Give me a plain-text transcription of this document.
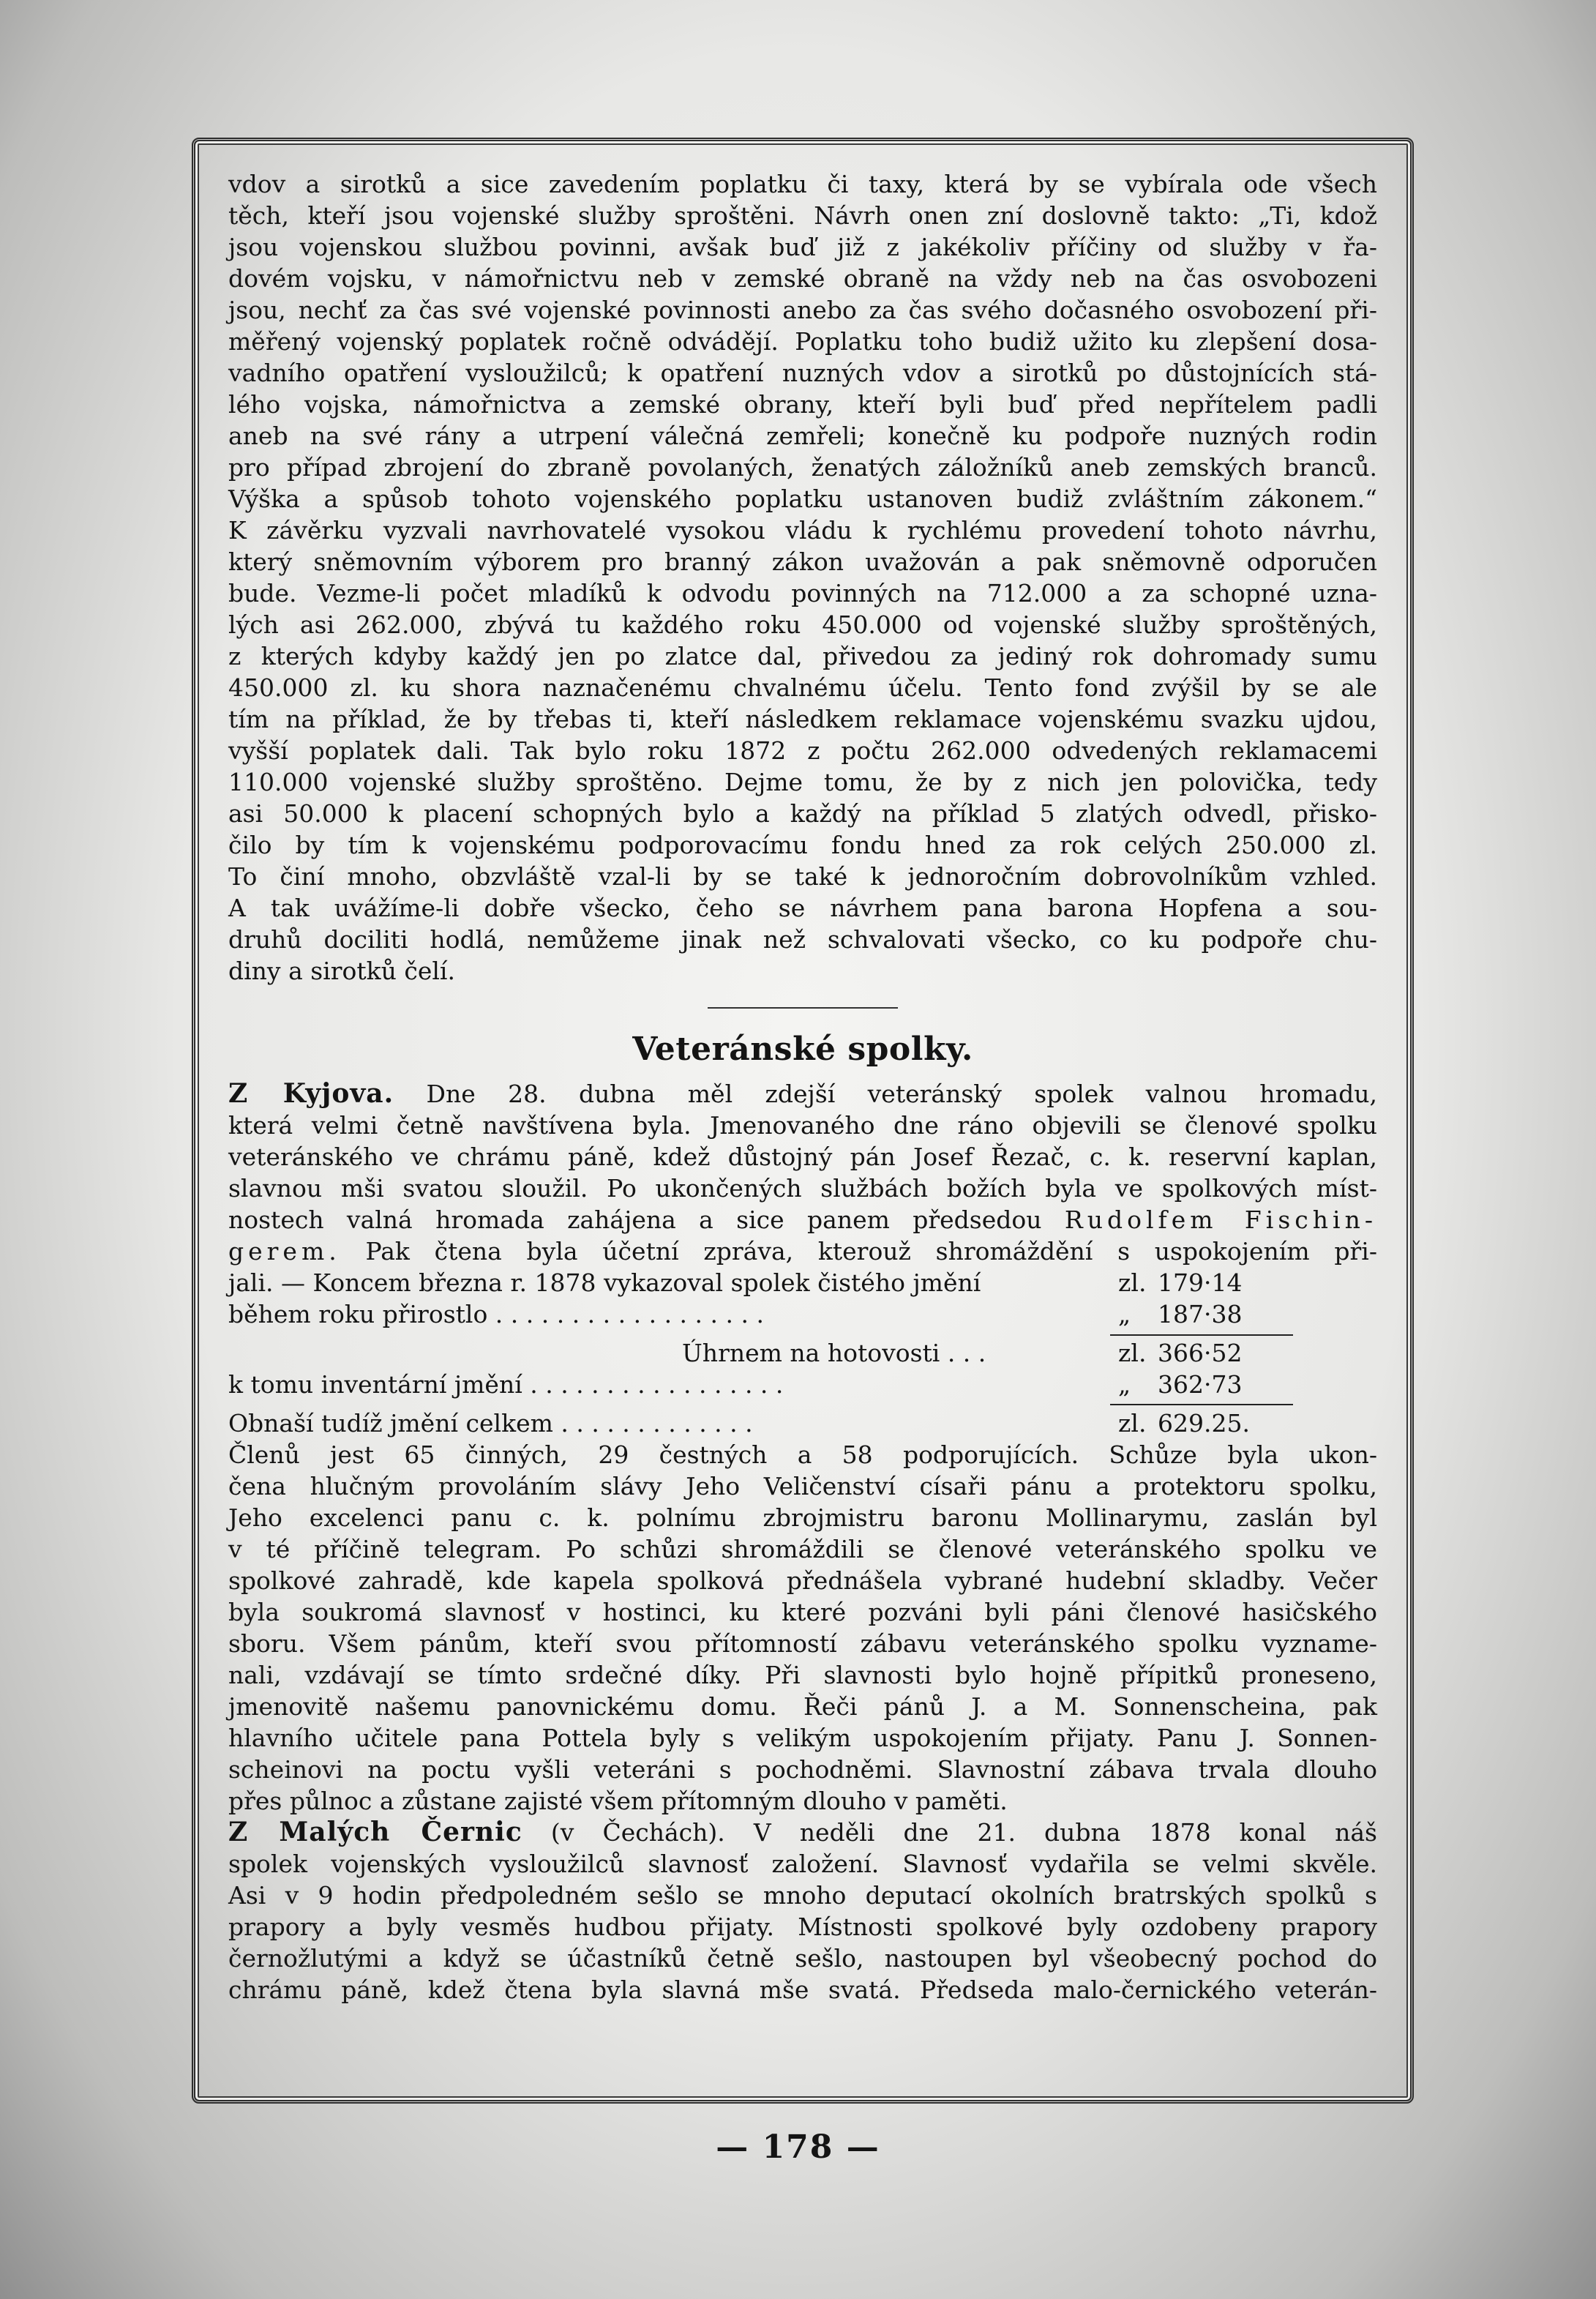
vdov a sirotků a sice zavedením poplatku či taxy, která by se vybírala ode všech
těch, kteří jsou vojenské služby sproštěni. Návrh onen zní doslovně takto: „Ti, kdož
jsou vojenskou službou povinni, avšak buď již z jakékoliv příčiny od služby v řa-
dovém vojsku, v námořnictvu neb v zemské obraně na vždy neb na čas osvobozeni
jsou, nechť za čas své vojenské povinnosti anebo za čas svého dočasného osvobození při-
měřený vojenský poplatek ročně odvádějí. Poplatku toho budiž užito ku zlepšení dosa-
vadního opatření vysloužilců; k opatření nuzných vdov a sirotků po důstojnících stá-
lého vojska, námořnictva a zemské obrany, kteří byli buď před nepřítelem padli
aneb na své rány a utrpení válečná zemřeli; konečně ku podpoře nuzných rodin
pro případ zbrojení do zbraně povolaných, ženatých záložníků aneb zemských branců.
Výška a spůsob tohoto vojenského poplatku ustanoven budiž zvláštním zákonem.“
K závěrku vyzvali navrhovatelé vysokou vládu k rychlému provedení tohoto návrhu,
který sněmovním výborem pro branný zákon uvažován a pak sněmovně odporučen
bude. Vezme-li počet mladíků k odvodu povinných na 712.000 a za schopné uzna-
lých asi 262.000, zbývá tu každého roku 450.000 od vojenské služby sproštěných,
z kterých kdyby každý jen po zlatce dal, přivedou za jediný rok dohromady sumu
450.000 zl. ku shora naznačenému chvalnému účelu. Tento fond zvýšil by se ale
tím na příklad, že by třebas ti, kteří následkem reklamace vojenskému svazku ujdou,
vyšší poplatek dali. Tak bylo roku 1872 z počtu 262.000 odvedených reklamacemi
110.000 vojenské služby sproštěno. Dejme tomu, že by z nich jen polovička, tedy
asi 50.000 k placení schopných bylo a každý na příklad 5 zlatých odvedl, přisko-
čilo by tím k vojenskému podporovacímu fondu hned za rok celých 250.000 zl.
To činí mnoho, obzvláště vzal-li by se také k jednoročním dobrovolníkům vzhled.
A tak uvážíme-li dobře všecko, čeho se návrhem pana barona Hopfena a sou-
druhů dociliti hodlá, nemůžeme jinak než schvalovati všecko, co ku podpoře chu-
diny a sirotků čelí.
Veteránské spolky.
Z Kyjova. Dne 28. dubna měl zdejší veteránský spolek valnou hromadu,
která velmi četně navštívena byla. Jmenovaného dne ráno objevili se členové spolku
veteránského ve chrámu páně, kdež důstojný pán Josef Řezač, c. k. reservní kaplan,
slavnou mši svatou sloužil. Po ukončených službách božích byla ve spolkových míst-
nostech valná hromada zahájena a sice panem předsedou Rudolfem Fischin-
gerem. Pak čtena byla účetní zpráva, kterouž shromáždění s uspokojením při-
jali. — Koncem března r. 1878 vykazoval spolek čistého jmění	zl. 179·14
během roku přirostlo . . . . . . . . . . . . . . . . . .	„ 187·38
Úhrnem na hotovosti . . .	zl. 366·52
k tomu inventární jmění . . . . . . . . . . . . . . . . .	„ 362·73
Obnaší tudíž jmění celkem . . . . . . . . . . . . .	zl. 629.25.
Členů jest 65 činných, 29 čestných a 58 podporujících. Schůze byla ukon-
čena hlučným provoláním slávy Jeho Veličenství císaři pánu a protektoru spolku,
Jeho excelenci panu c. k. polnímu zbrojmistru baronu Mollinarymu, zaslán byl
v té příčině telegram. Po schůzi shromáždili se členové veteránského spolku ve
spolkové zahradě, kde kapela spolková přednášela vybrané hudební skladby. Večer
byla soukromá slavnosť v hostinci, ku které pozváni byli páni členové hasičského
sboru. Všem pánům, kteří svou přítomností zábavu veteránského spolku vyzname-
nali, vzdávají se tímto srdečné díky. Při slavnosti bylo hojně přípitků proneseno,
jmenovitě našemu panovnickému domu. Řeči pánů J. a M. Sonnenscheina, pak
hlavního učitele pana Pottela byly s velikým uspokojením přijaty. Panu J. Sonnen-
scheinovi na poctu vyšli veteráni s pochodněmi. Slavnostní zábava trvala dlouho
přes půlnoc a zůstane zajisté všem přítomným dlouho v paměti.
Z Malých Černic (v Čechách). V neděli dne 21. dubna 1878 konal náš
spolek vojenských vysloužilců slavnosť založení. Slavnosť vydařila se velmi skvěle.
Asi v 9 hodin předpoledném sešlo se mnoho deputací okolních bratrských spolků s
prapory a byly vesměs hudbou přijaty. Místnosti spolkové byly ozdobeny prapory
černožlutými a když se účastníků četně sešlo, nastoupen byl všeobecný pochod do
chrámu páně, kdež čtena byla slavná mše svatá. Předseda malo-černického veterán-
— 178 —
